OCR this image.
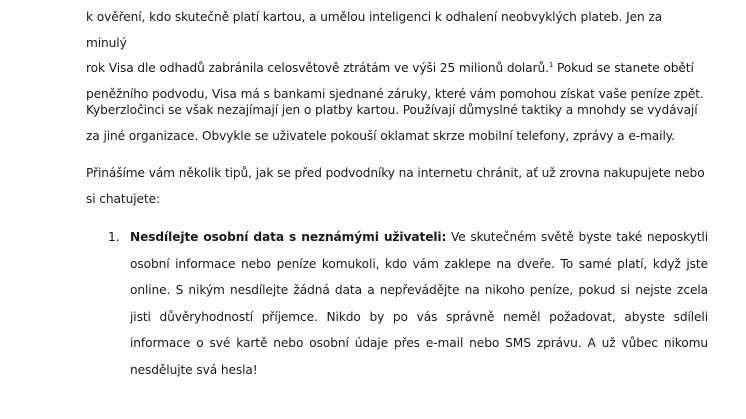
k ověření, kdo skutečně platí kartou, a umělou inteligenci k odhalení neobvyklých plateb. Jen za minulý
rok Visa dle odhadů zabránila celosvětově ztrátám ve výši 25 milionů dolarů.$^1$ Pokud se stanete obětí
peněžního podvodu, Visa má s bankami sjednané záruky, které vám pomohou získat vaše peníze zpět.
Kyberzločinci se však nezajímají jen o platby kartou. Používají důmyslné taktiky a mnohdy se vydávají za jiné organizace. Obvykle se uživatele pokouší oklamat skrze mobilní telefony, zprávy a e-maily.
Přinášíme vám několik tipů, jak se před podvodníky na internetu chránit, ať už zrovna nakupujete nebo si chatujete:
1. Nesdílejte osobní data s neznámými uživateli: Ve skutečném světě byste také neposkytli osobní informace nebo peníze komukoli, kdo vám zaklepe na dveře. To samé platí, když jste online. S nikým nesdílejte žádná data a nepřevádějte na nikoho peníze, pokud si nejste zcela jisti důvěryhodností příjemce. Nikdo by po vás správně neměl požadovat, abyste sdíleli informace o své kartě nebo osobní údaje přes e-mail nebo SMS zprávu. A už vůbec nikomu nesdělujte svá hesla!
